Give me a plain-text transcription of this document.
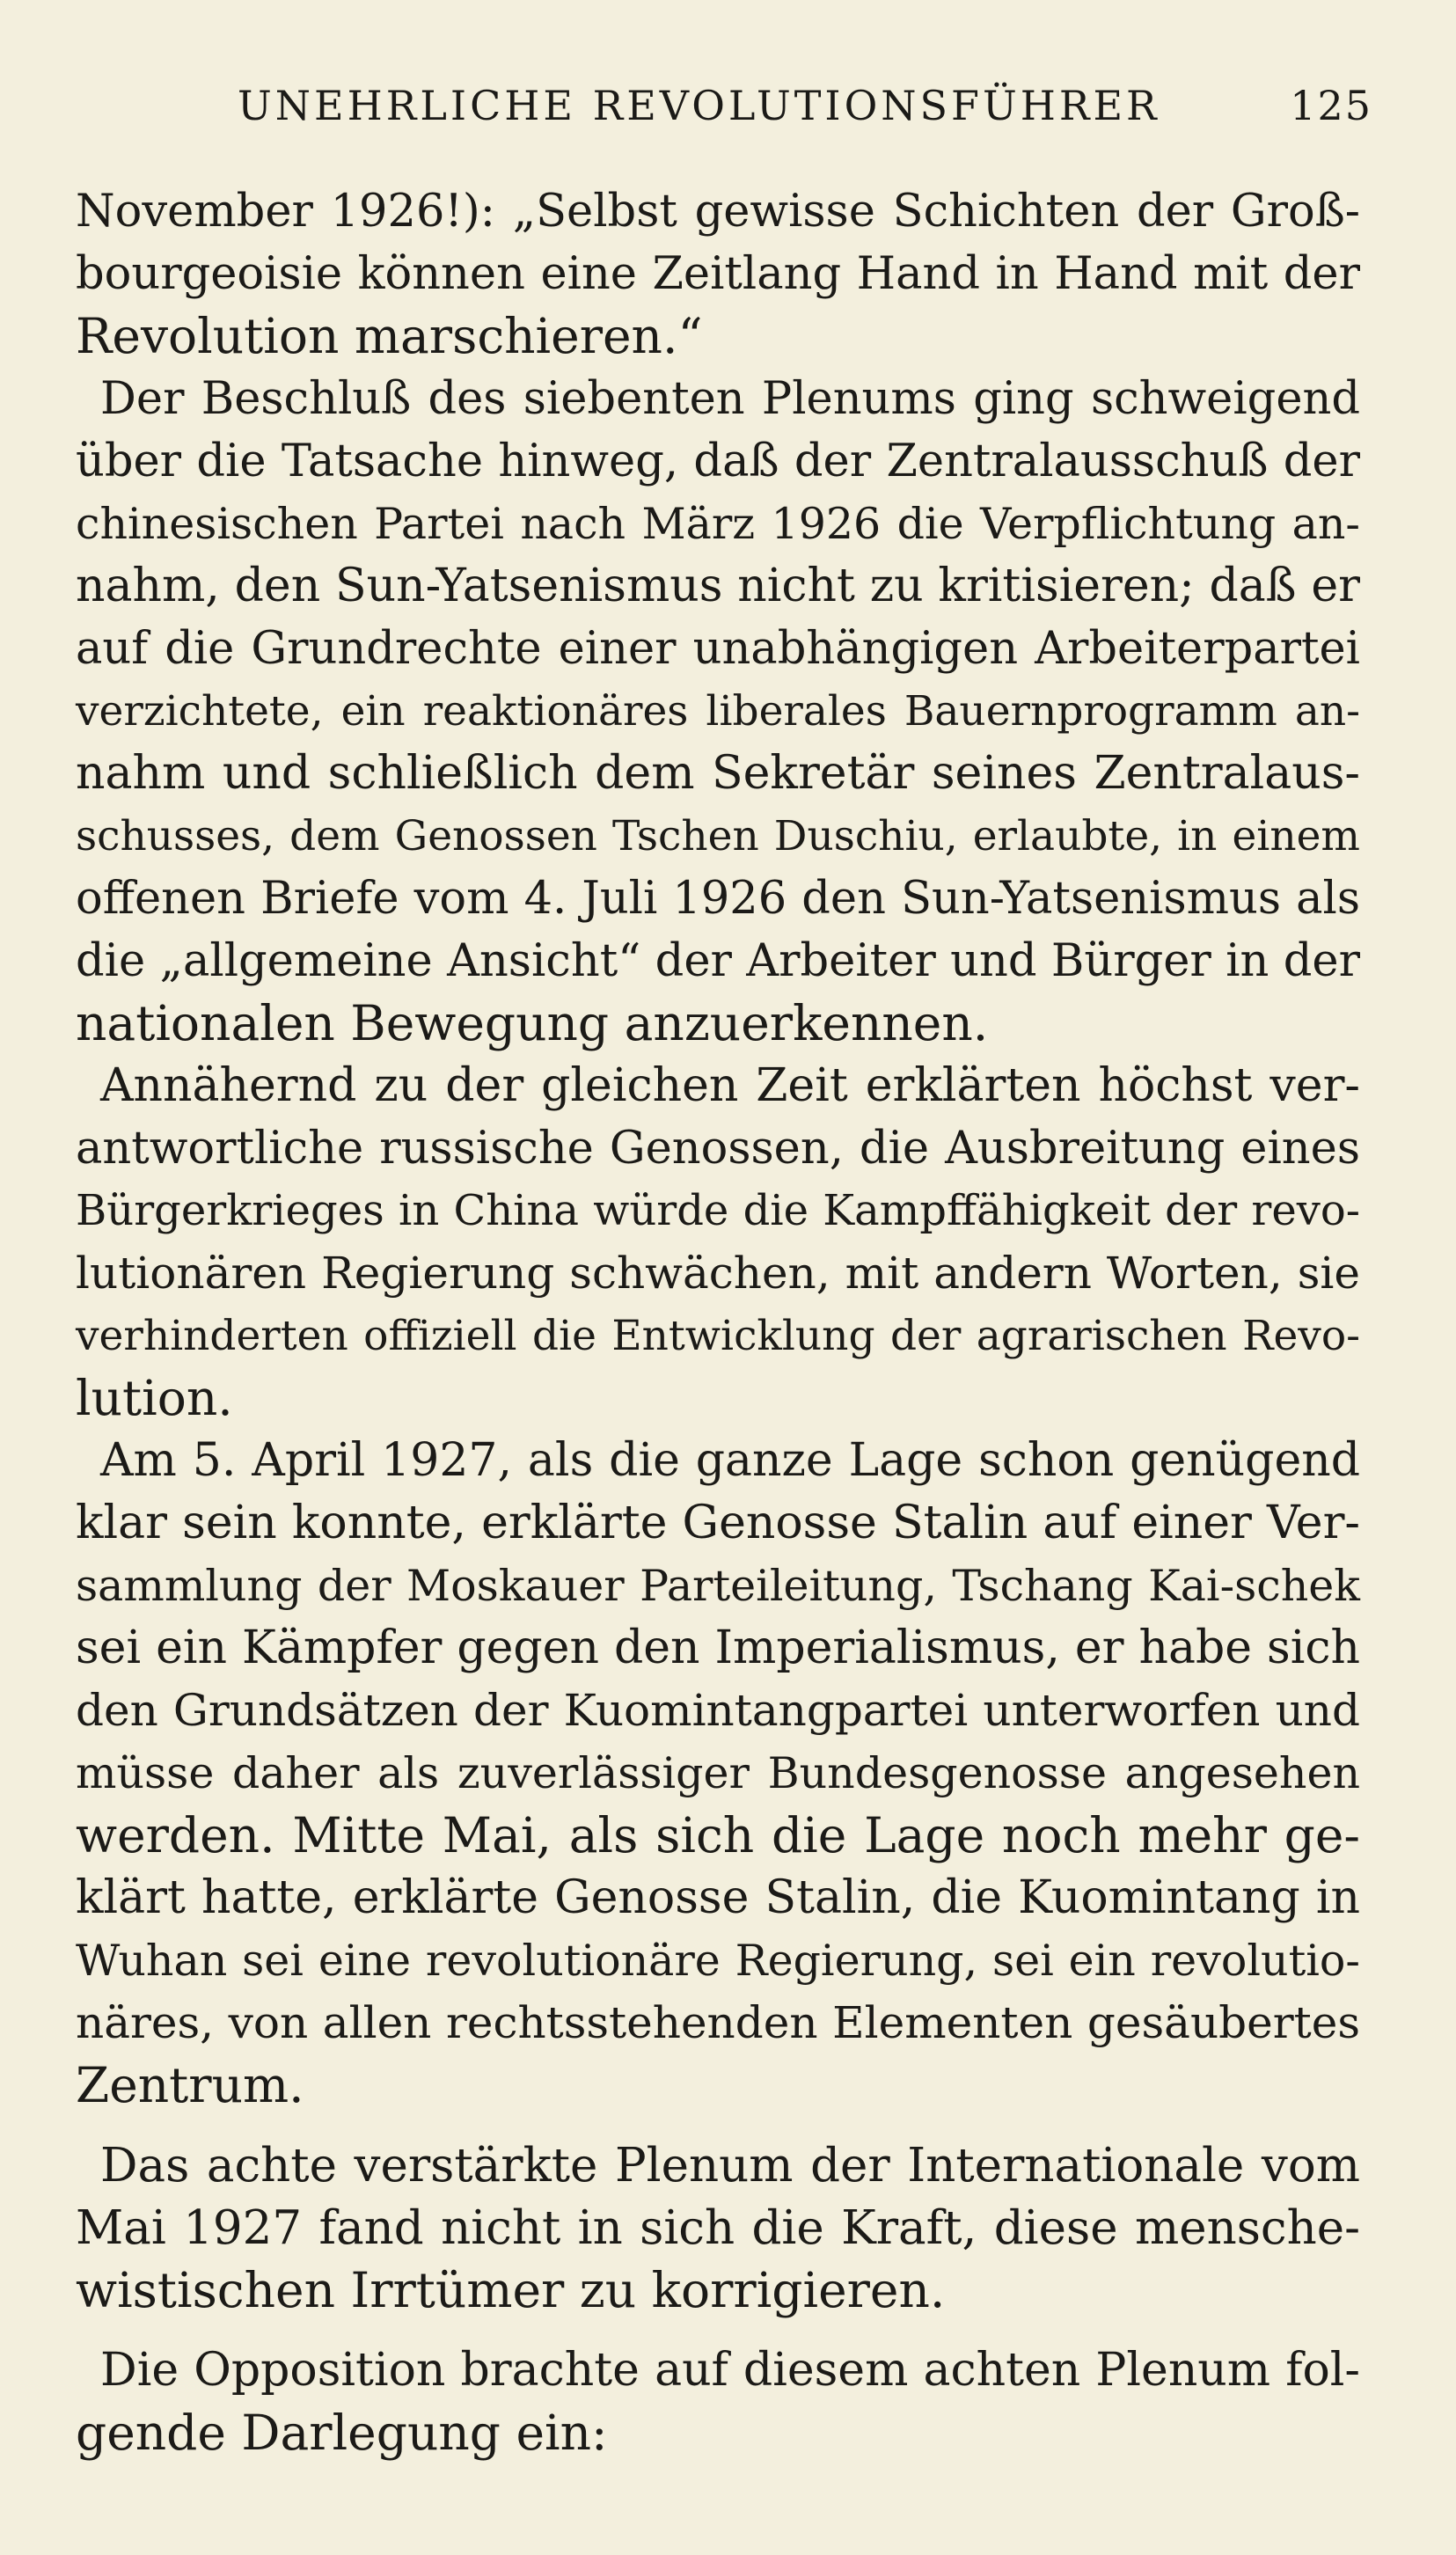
UNEHRLICHE REVOLUTIONSFÜHRER	125
November 1926!): „Selbst gewisse Schichten der Groß-
bourgeoisie können eine Zeitlang Hand in Hand mit der
Revolution marschieren.“
Der Beschluß des siebenten Plenums ging schweigend
über die Tatsache hinweg, daß der Zentralausschuß der
chinesischen Partei nach März 1926 die Verpflichtung an-
nahm, den Sun-Yatsenismus nicht zu kritisieren; daß er
auf die Grundrechte einer unabhängigen Arbeiterpartei
verzichtete, ein reaktionäres liberales Bauernprogramm an-
nahm und schließlich dem Sekretär seines Zentralaus-
schusses, dem Genossen Tschen Duschiu, erlaubte, in einem
offenen Briefe vom 4. Juli 1926 den Sun-Yatsenismus als
die „allgemeine Ansicht“ der Arbeiter und Bürger in der
nationalen Bewegung anzuerkennen.
Annähernd zu der gleichen Zeit erklärten höchst ver-
antwortliche russische Genossen, die Ausbreitung eines
Bürgerkrieges in China würde die Kampffähigkeit der revo-
lutionären Regierung schwächen, mit andern Worten, sie
verhinderten offiziell die Entwicklung der agrarischen Revo-
lution.
Am 5. April 1927, als die ganze Lage schon genügend
klar sein konnte, erklärte Genosse Stalin auf einer Ver-
sammlung der Moskauer Parteileitung, Tschang Kai-schek
sei ein Kämpfer gegen den Imperialismus, er habe sich
den Grundsätzen der Kuomintangpartei unterworfen und
müsse daher als zuverlässiger Bundesgenosse angesehen
werden. Mitte Mai, als sich die Lage noch mehr ge-
klärt hatte, erklärte Genosse Stalin, die Kuomintang in
Wuhan sei eine revolutionäre Regierung, sei ein revolutio-
näres, von allen rechtsstehenden Elementen gesäubertes
Zentrum.
Das achte verstärkte Plenum der Internationale vom
Mai 1927 fand nicht in sich die Kraft, diese mensche-
wistischen Irrtümer zu korrigieren.
Die Opposition brachte auf diesem achten Plenum fol-
gende Darlegung ein:
